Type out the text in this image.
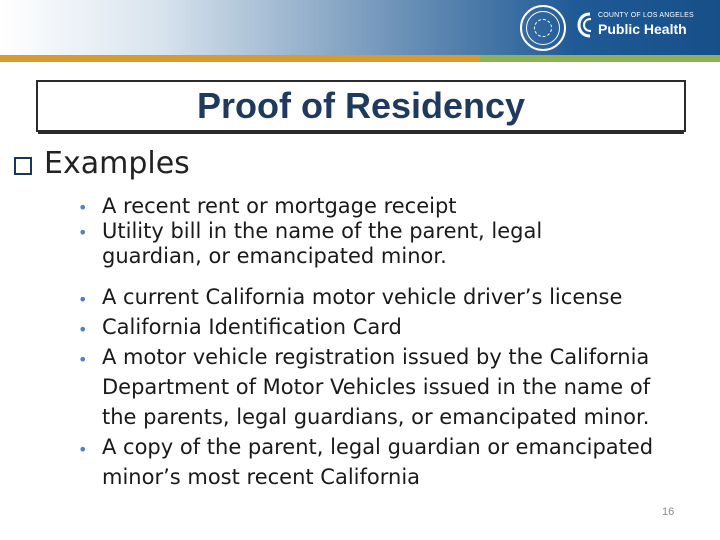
COUNTY OF LOS ANGELES
Public Health
Proof of Residency
Examples
• A recent rent or mortgage receipt
• Utility bill in the name of the parent, legal guardian, or emancipated minor.
• A current California motor vehicle driver’s license
• California Identification Card
• A motor vehicle registration issued by the California Department of Motor Vehicles issued in the name of the parents, legal guardians, or emancipated minor.
• A copy of the parent, legal guardian or emancipated minor’s most recent California
16
